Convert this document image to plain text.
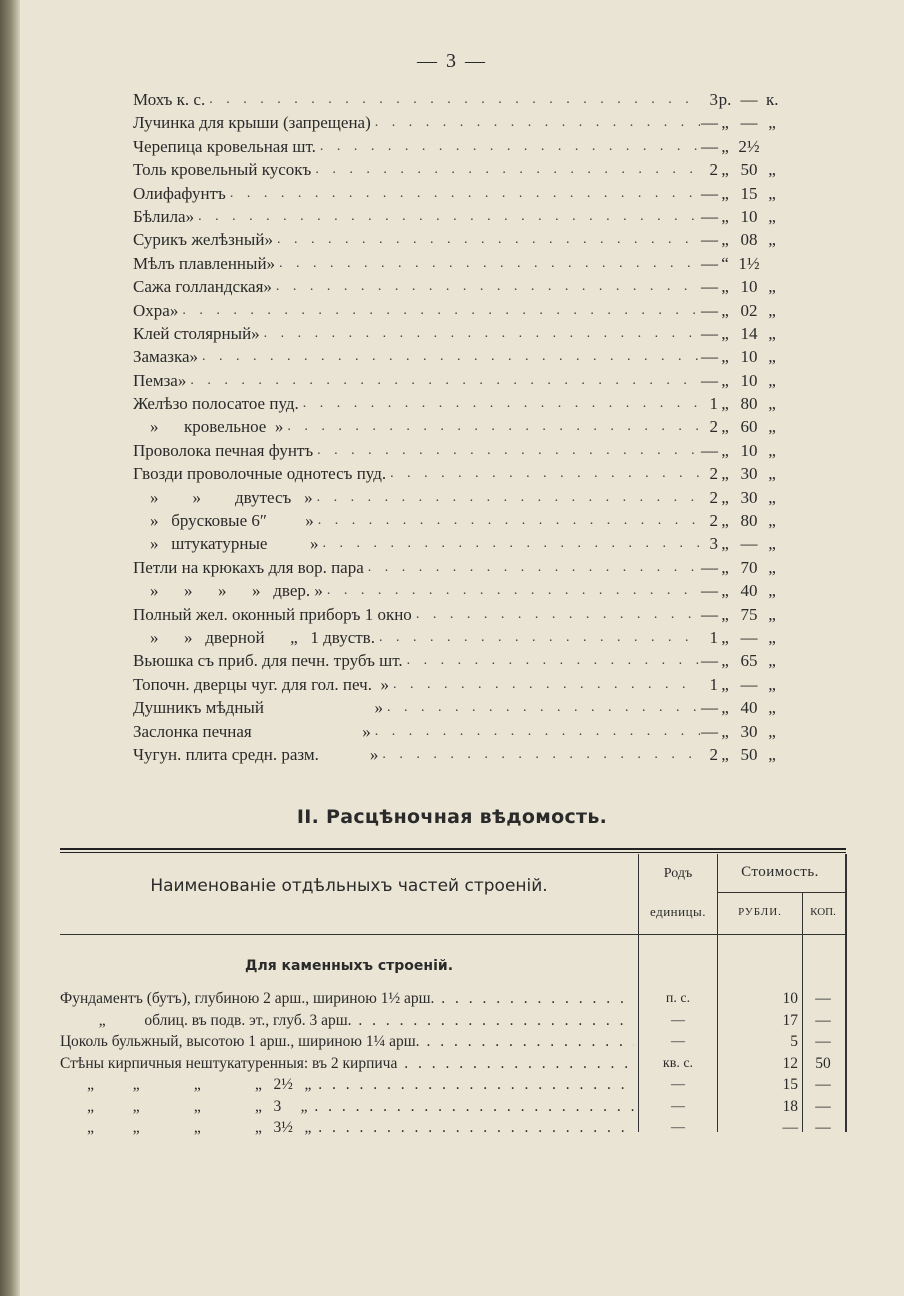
— 3 —
Мохъ к. с. . . .	3 р. — к.
Лучинка для крыши (запрещена) . . .	— „ — „
Черепица кровельная шт. . . .	— „ 2½
Толь кровельный кусокъ . . .	2 „ 50 „
Олифа фунтъ . . .	— „ 15 „
Бѣлила » . . .	— „ 10 „
Сурикъ желѣзный » . . .	— „ 08 „
Мѣлъ плавленный » . . .	— “ 1½
Сажа голландская » . . .	— „ 10 „
Охра » . . .	— „ 02 „
Клей столярный » . . .	— „ 14 „
Замазка » . . .	— „ 10 „
Пемза » . . .	— „ 10 „
Желѣзо полосатое пуд. . . .	1 „ 80 „
»      кровельное  » . . .	2 „ 60 „
Проволока печная фунтъ . . .	— „ 10 „
Гвозди проволочные однотесъ пуд. . . .	2 „ 30 „
»        »        двутесъ   » . . .	2 „ 30 „
»   брусковые 6″ » . . .	2 „ 80 „
»   штукатурные » . . .	3 „ — „
Петли на крюкахъ для вор. пара . . .	— „ 70 „
»      »      »      »   двер. » . . .	— „ 40 „
Полный жел. оконный приборъ 1 окно . . .	— „ 75 „
»      »   дверной      „   1 двуств. . . .	1 „ — „
Вьюшка съ приб. для печн. трубъ шт. . . .	— „ 65 „
Топочн. дверцы чуг. для гол. печ. » . . .	1 „ — „
Душникъ мѣдный » . . .	— „ 40 „
Заслонка печная » . . .	— „ 30 „
Чугун. плита средн. разм. » . . .	2 „ 50 „
II. Расцѣночная вѣдомость.
Наименованіе отдѣльныхъ частей строеній.
Родъ
единицы.
Стоимость.
РУБЛИ.	КОП.
Для каменныхъ строеній.
Фундаментъ (бутъ), глубиною 2 арш., шириною 1½ арш. . . .	п. с.	10	—
„          облиц. въ подв. эт., глуб. 3 арш. . . .	—	17	—
Цоколь бульжный, высотою 1 арш., шириною 1¼ арш. . . .	—	5	—
Стѣны кирпичныя нештукатуренныя: въ 2 кирпича . . .	кв. с.	12	50
„          „              „              „   2½   „ . . .	—	15	—
„          „              „              „   3     „ . . .	—	18	—
„          „              „              „   3½   „ . . .	—	—	—
